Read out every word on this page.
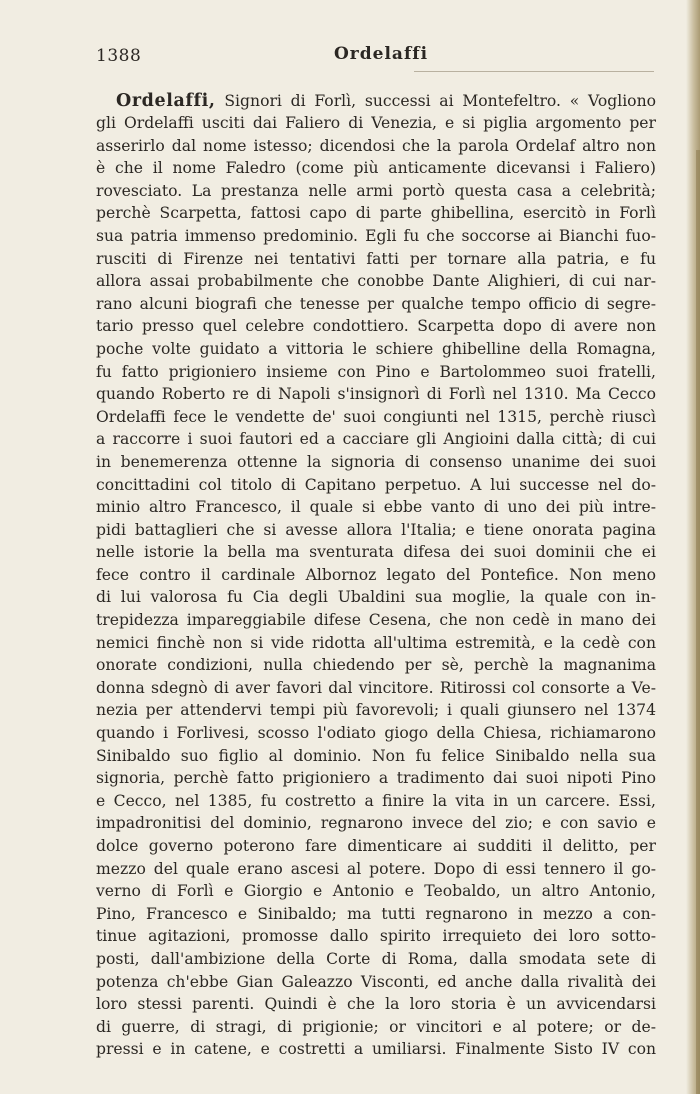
1388	Ordelaffi
Ordelaffi, Signori di Forlì, successi ai Montefeltro. « Vogliono
gli Ordelaffi usciti dai Faliero di Venezia, e si piglia argomento per
asserirlo dal nome istesso; dicendosi che la parola Ordelaf altro non
è che il nome Faledro (come più anticamente dicevansi i Faliero)
rovesciato. La prestanza nelle armi portò questa casa a celebrità;
perchè Scarpetta, fattosi capo di parte ghibellina, esercitò in Forlì
sua patria immenso predominio. Egli fu che soccorse ai Bianchi fuo-
rusciti di Firenze nei tentativi fatti per tornare alla patria, e fu
allora assai probabilmente che conobbe Dante Alighieri, di cui nar-
rano alcuni biografi che tenesse per qualche tempo officio di segre-
tario presso quel celebre condottiero. Scarpetta dopo di avere non
poche volte guidato a vittoria le schiere ghibelline della Romagna,
fu fatto prigioniero insieme con Pino e Bartolommeo suoi fratelli,
quando Roberto re di Napoli s'insignorì di Forlì nel 1310. Ma Cecco
Ordelaffi fece le vendette de' suoi congiunti nel 1315, perchè riuscì
a raccorre i suoi fautori ed a cacciare gli Angioini dalla città; di cui
in benemerenza ottenne la signoria di consenso unanime dei suoi
concittadini col titolo di Capitano perpetuo. A lui successe nel do-
minio altro Francesco, il quale si ebbe vanto di uno dei più intre-
pidi battaglieri che si avesse allora l'Italia; e tiene onorata pagina
nelle istorie la bella ma sventurata difesa dei suoi dominii che ei
fece contro il cardinale Albornoz legato del Pontefice. Non meno
di lui valorosa fu Cia degli Ubaldini sua moglie, la quale con in-
trepidezza impareggiabile difese Cesena, che non cedè in mano dei
nemici finchè non si vide ridotta all'ultima estremità, e la cedè con
onorate condizioni, nulla chiedendo per sè, perchè la magnanima
donna sdegnò di aver favori dal vincitore. Ritirossi col consorte a Ve-
nezia per attendervi tempi più favorevoli; i quali giunsero nel 1374
quando i Forlivesi, scosso l'odiato giogo della Chiesa, richiamarono
Sinibaldo suo figlio al dominio. Non fu felice Sinibaldo nella sua
signoria, perchè fatto prigioniero a tradimento dai suoi nipoti Pino
e Cecco, nel 1385, fu costretto a finire la vita in un carcere. Essi,
impadronitisi del dominio, regnarono invece del zio; e con savio e
dolce governo poterono fare dimenticare ai sudditi il delitto, per
mezzo del quale erano ascesi al potere. Dopo di essi tennero il go-
verno di Forlì e Giorgio e Antonio e Teobaldo, un altro Antonio,
Pino, Francesco e Sinibaldo; ma tutti regnarono in mezzo a con-
tinue agitazioni, promosse dallo spirito irrequieto dei loro sotto-
posti, dall'ambizione della Corte di Roma, dalla smodata sete di
potenza ch'ebbe Gian Galeazzo Visconti, ed anche dalla rivalità dei
loro stessi parenti. Quindi è che la loro storia è un avvicendarsi
di guerre, di stragi, di prigionie; or vincitori e al potere; or de-
pressi e in catene, e costretti a umiliarsi. Finalmente Sisto IV con
